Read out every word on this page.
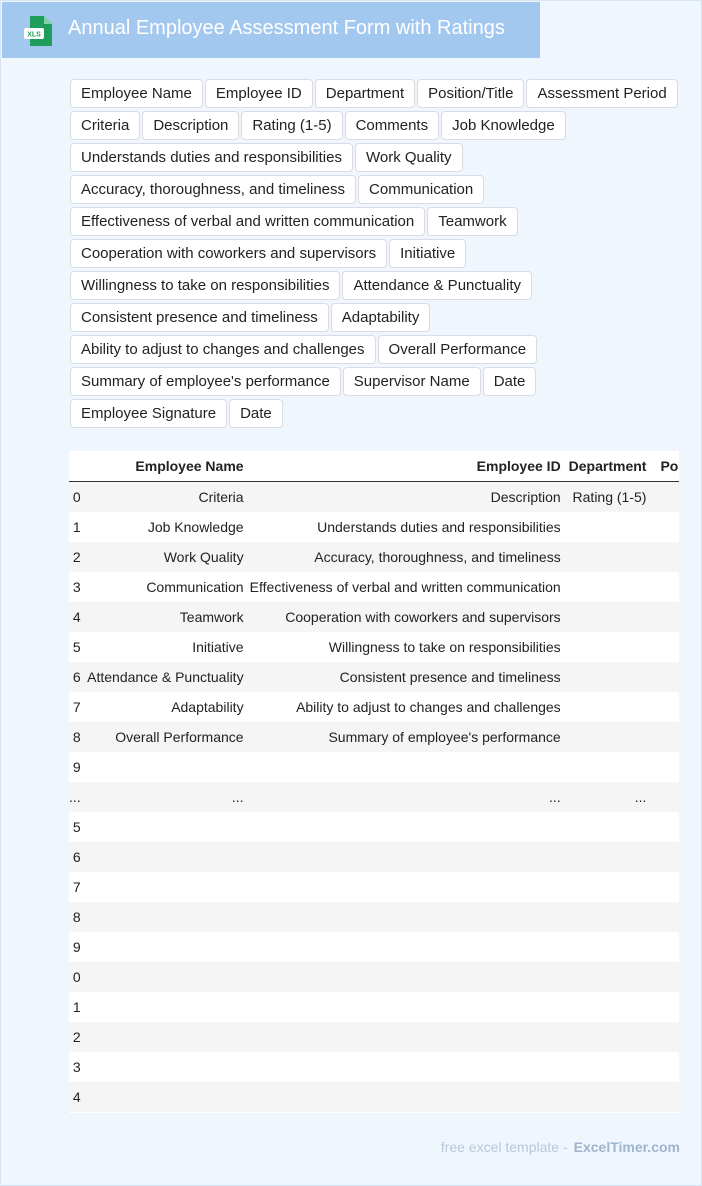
XLS Annual Employee Assessment Form with Ratings
Employee Name	Employee ID	Department	Position/Title	Assessment Period
Criteria	Description	Rating (1-5)	Comments	Job Knowledge
Understands duties and responsibilities	Work Quality
Accuracy, thoroughness, and timeliness	Communication
Effectiveness of verbal and written communication	Teamwork
Cooperation with coworkers and supervisors	Initiative
Willingness to take on responsibilities	Attendance & Punctuality
Consistent presence and timeliness	Adaptability
Ability to adjust to changes and challenges	Overall Performance
Summary of employee's performance	Supervisor Name	Date
Employee Signature	Date
	Employee Name	Employee ID	Department	Po
0	Criteria	Description	Rating (1-5)	
1	Job Knowledge	Understands duties and responsibilities		
2	Work Quality	Accuracy, thoroughness, and timeliness		
3	Communication	Effectiveness of verbal and written communication		
4	Teamwork	Cooperation with coworkers and supervisors		
5	Initiative	Willingness to take on responsibilities		
6	Attendance & Punctuality	Consistent presence and timeliness		
7	Adaptability	Ability to adjust to changes and challenges		
8	Overall Performance	Summary of employee's performance		
9				
...	...	...	...	
5				
6				
7				
8				
9				
0				
1				
2				
3				
4				
free excel template - ExcelTimer.com
